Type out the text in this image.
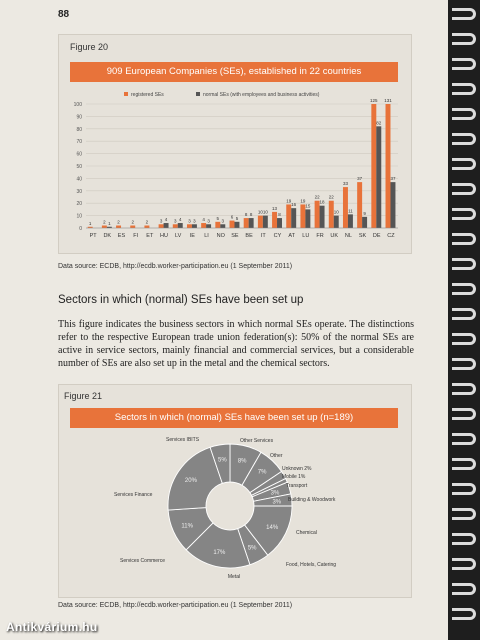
88
Figure 20
909 European Companies (SEs), established in 22 countries
0
10
20
30
40
50
60
70
80
90
100
registered SEs	normal SEs (with employees and business activities)
1
PT
2 1
DK
2
ES
2
FI
2
ET
3 4
HU
3 4
LV
3 3
IE
4 3
LI
5 3
NO
6 5
SE
8 8
BE
10 10
IT
13
8
CY
19
16
AT
19
15
LU
22
18
FR
22
10
UK
33
11
NL
37
9
SK
125
82
DE
131
37
CZ
Data source: ECDB, http://ecdb.worker-participation.eu (1 September 2011)
Sectors in which (normal) SEs have been set up
This figure indicates the business sectors in which normal SEs operate. The distinctions refer to the respective European trade union federation(s): 50% of the normal SEs are active in service sectors, mainly financial and commercial services, but a considerable number of SEs are also set up in the metal and the chemical sectors.
Figure 21
Sectors in which (normal) SEs have been set up (n=189)
8%
Other Services
7%
Other
Unknown 2%
Mobile 1%
3%
Transport
3% Building & Woodwork
14%
Chemical
5%
Food, Hotels, Catering
17%
Metal
11%
Services Commerce
20%
Services Finance
5%
Services IBITS
Data source: ECDB, http://ecdb.worker-participation.eu (1 September 2011)
Antikvárium.hu
